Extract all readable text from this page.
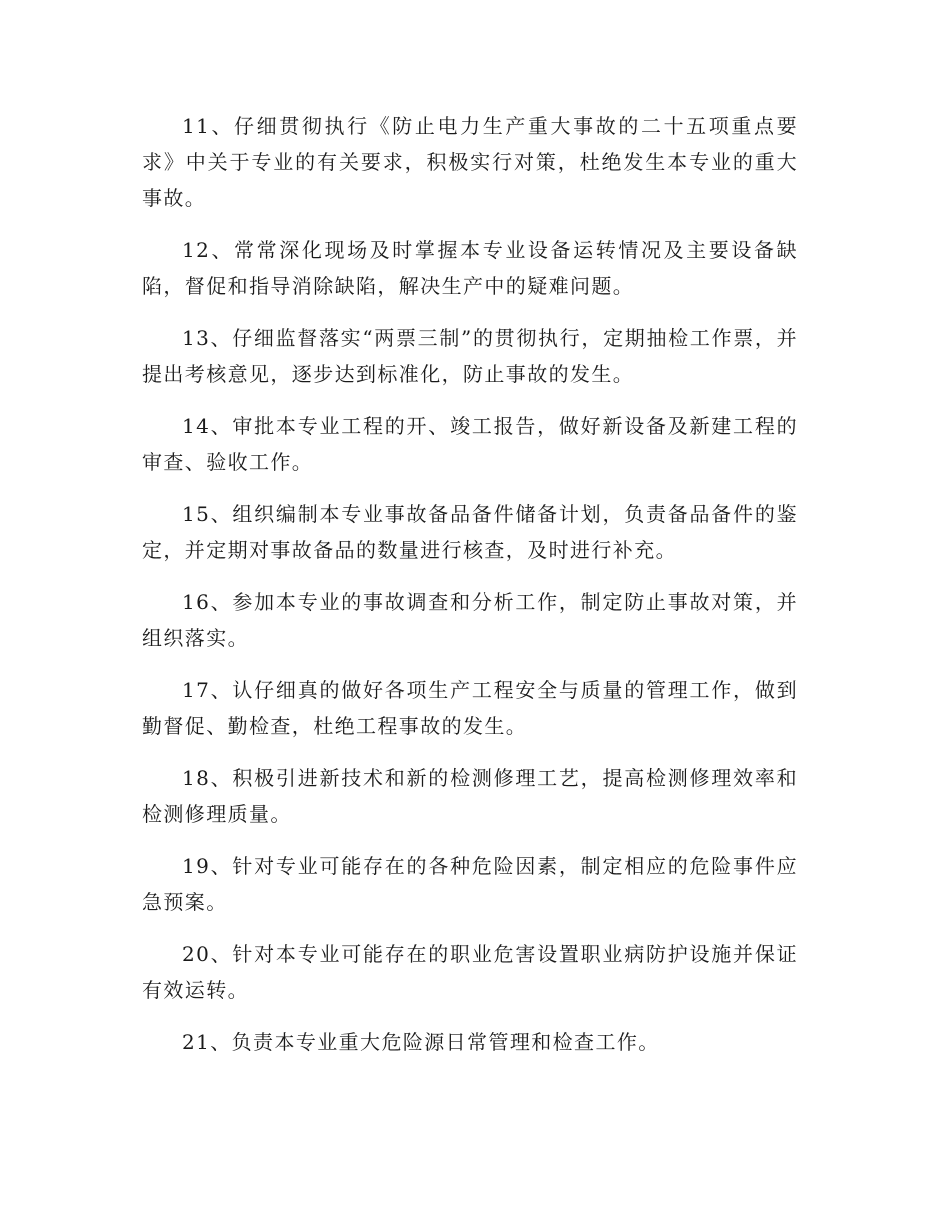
11、仔细贯彻执行《防止电力生产重大事故的二十五项重点要求》中关于专业的有关要求，积极实行对策，杜绝发生本专业的重大事故。

12、常常深化现场及时掌握本专业设备运转情况及主要设备缺陷，督促和指导消除缺陷，解决生产中的疑难问题。

13、仔细监督落实“两票三制”的贯彻执行，定期抽检工作票，并提出考核意见，逐步达到标准化，防止事故的发生。

14、审批本专业工程的开、竣工报告，做好新设备及新建工程的审查、验收工作。

15、组织编制本专业事故备品备件储备计划，负责备品备件的鉴定，并定期对事故备品的数量进行核查，及时进行补充。

16、参加本专业的事故调查和分析工作，制定防止事故对策，并组织落实。

17、认仔细真的做好各项生产工程安全与质量的管理工作，做到勤督促、勤检查，杜绝工程事故的发生。

18、积极引进新技术和新的检测修理工艺，提高检测修理效率和检测修理质量。

19、针对专业可能存在的各种危险因素，制定相应的危险事件应急预案。

20、针对本专业可能存在的职业危害设置职业病防护设施并保证有效运转。

21、负责本专业重大危险源日常管理和检查工作。
